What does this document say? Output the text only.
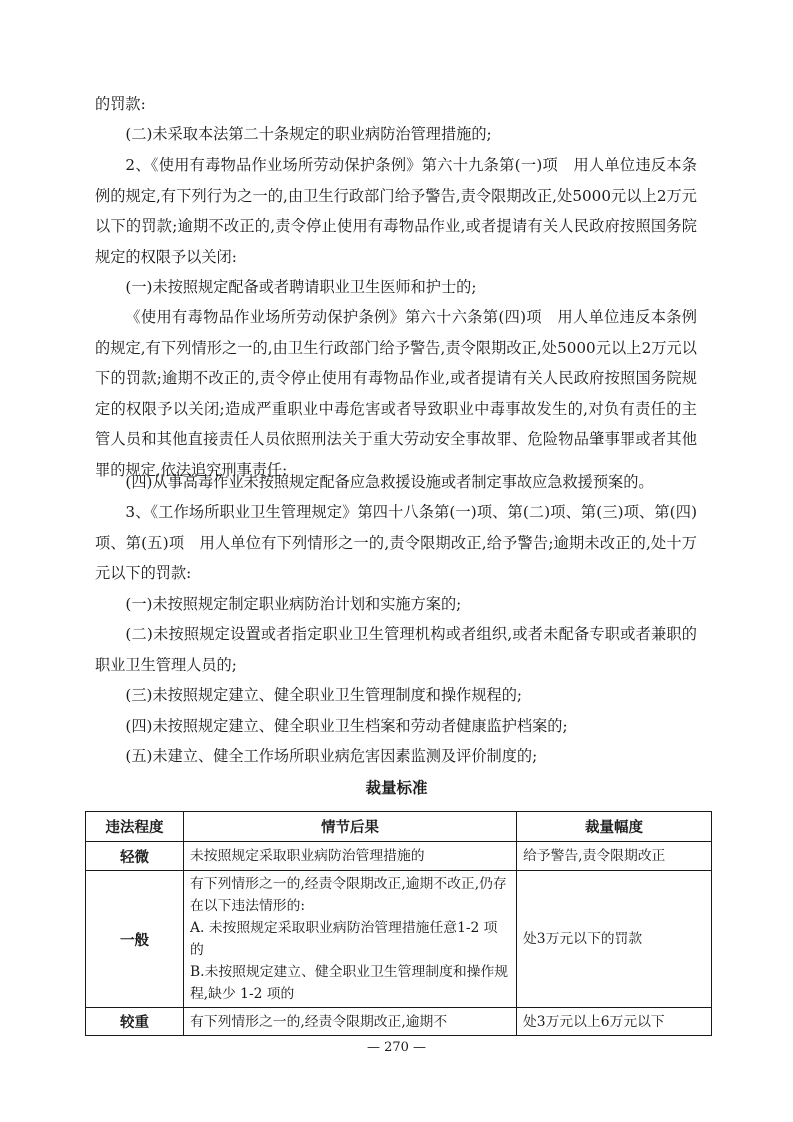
的罚款:

(二)未采取本法第二十条规定的职业病防治管理措施的;

2、《使用有毒物品作业场所劳动保护条例》第六十九条第(一)项　用人单位违反本条例的规定,有下列行为之一的,由卫生行政部门给予警告,责令限期改正,处5000元以上2万元以下的罚款;逾期不改正的,责令停止使用有毒物品作业,或者提请有关人民政府按照国务院规定的权限予以关闭:

(一)未按照规定配备或者聘请职业卫生医师和护士的;

《使用有毒物品作业场所劳动保护条例》第六十六条第(四)项　用人单位违反本条例的规定,有下列情形之一的,由卫生行政部门给予警告,责令限期改正,处5000元以上2万元以下的罚款;逾期不改正的,责令停止使用有毒物品作业,或者提请有关人民政府按照国务院规定的权限予以关闭;造成严重职业中毒危害或者导致职业中毒事故发生的,对负有责任的主管人员和其他直接责任人员依照刑法关于重大劳动安全事故罪、危险物品肇事罪或者其他罪的规定,依法追究刑事责任:

(四)从事高毒作业未按照规定配备应急救援设施或者制定事故应急救援预案的。

3、《工作场所职业卫生管理规定》第四十八条第(一)项、第(二)项、第(三)项、第(四)项、第(五)项　用人单位有下列情形之一的,责令限期改正,给予警告;逾期未改正的,处十万元以下的罚款:

(一)未按照规定制定职业病防治计划和实施方案的;

(二)未按照规定设置或者指定职业卫生管理机构或者组织,或者未配备专职或者兼职的职业卫生管理人员的;

(三)未按照规定建立、健全职业卫生管理制度和操作规程的;

(四)未按照规定建立、健全职业卫生档案和劳动者健康监护档案的;

(五)未建立、健全工作场所职业病危害因素监测及评价制度的;

裁量标准
违法程度	情节后果	裁量幅度
轻微	未按照规定采取职业病防治管理措施的	给予警告,责令限期改正
一般	有下列情形之一的,经责令限期改正,逾期不改正,仍存在以下违法情形的:
A. 未按照规定采取职业病防治管理措施任意1-2 项的
B.未按照规定建立、健全职业卫生管理制度和操作规程,缺少 1-2 项的	处3万元以下的罚款
较重	有下列情形之一的,经责令限期改正,逾期不	处3万元以上6万元以下
— 270 —
